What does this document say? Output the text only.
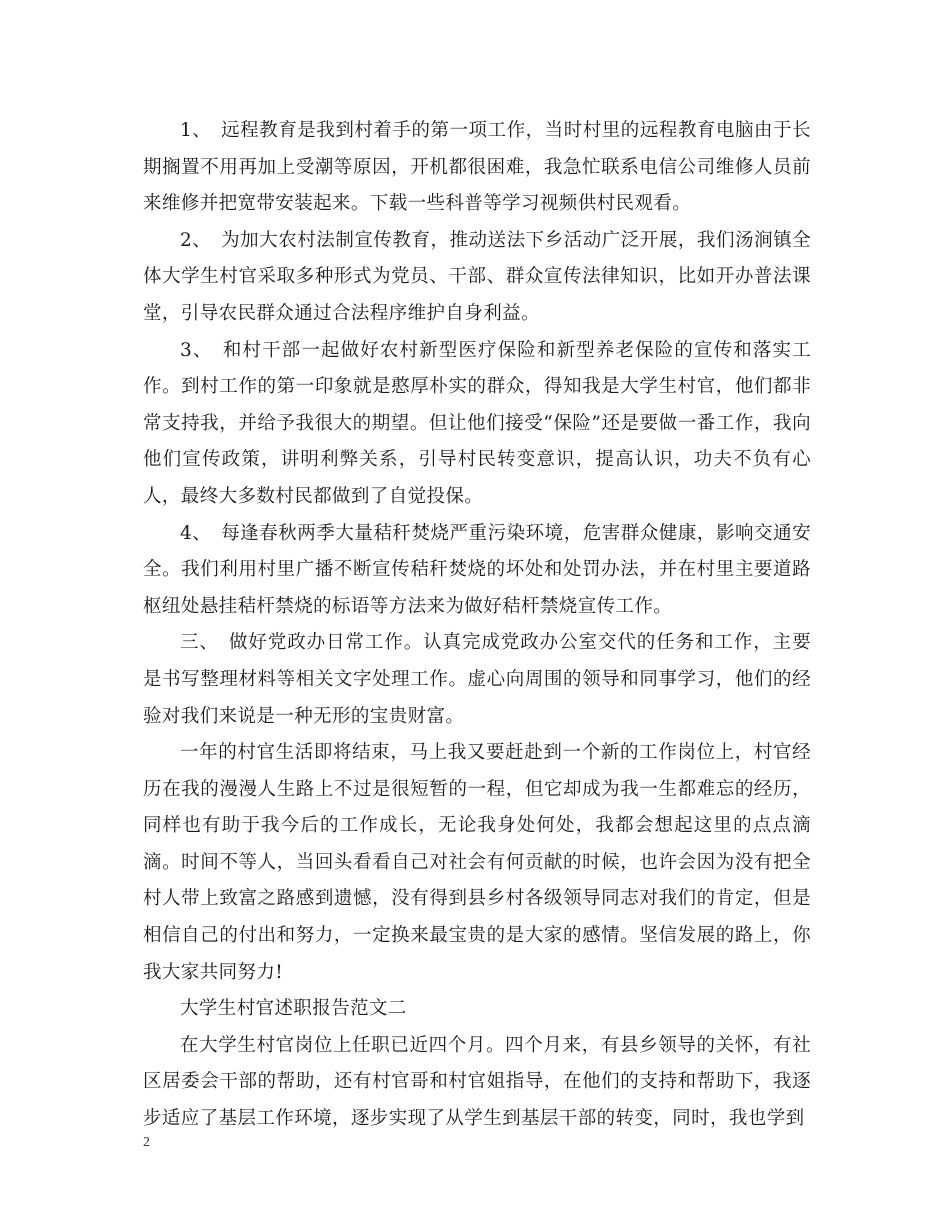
1、　远程教育是我到村着手的第一项工作，当时村里的远程教育电脑由于长期搁置不用再加上受潮等原因，开机都很困难，我急忙联系电信公司维修人员前来维修并把宽带安装起来。下载一些科普等学习视频供村民观看。

2、　为加大农村法制宣传教育，推动送法下乡活动广泛开展，我们汤涧镇全体大学生村官采取多种形式为党员、干部、群众宣传法律知识，比如开办普法课堂，引导农民群众通过合法程序维护自身利益。

3、　和村干部一起做好农村新型医疗保险和新型养老保险的宣传和落实工作。到村工作的第一印象就是憨厚朴实的群众，得知我是大学生村官，他们都非常支持我，并给予我很大的期望。但让他们接受“保险”还是要做一番工作，我向他们宣传政策，讲明利弊关系，引导村民转变意识，提高认识，功夫不负有心人，最终大多数村民都做到了自觉投保。

4、　每逢春秋两季大量秸秆焚烧严重污染环境，危害群众健康，影响交通安全。我们利用村里广播不断宣传秸秆焚烧的坏处和处罚办法，并在村里主要道路枢纽处悬挂秸杆禁烧的标语等方法来为做好秸杆禁烧宣传工作。

三、　做好党政办日常工作。认真完成党政办公室交代的任务和工作，主要是书写整理材料等相关文字处理工作。虚心向周围的领导和同事学习，他们的经验对我们来说是一种无形的宝贵财富。

一年的村官生活即将结束，马上我又要赶赴到一个新的工作岗位上，村官经历在我的漫漫人生路上不过是很短暂的一程，但它却成为我一生都难忘的经历，同样也有助于我今后的工作成长，无论我身处何处，我都会想起这里的点点滴滴。时间不等人，当回头看看自己对社会有何贡献的时候，也许会因为没有把全村人带上致富之路感到遗憾，没有得到县乡村各级领导同志对我们的肯定，但是相信自己的付出和努力，一定换来最宝贵的是大家的感情。坚信发展的路上，你我大家共同努力!

大学生村官述职报告范文二

在大学生村官岗位上任职已近四个月。四个月来，有县乡领导的关怀，有社区居委会干部的帮助，还有村官哥和村官姐指导，在他们的支持和帮助下，我逐步适应了基层工作环境，逐步实现了从学生到基层干部的转变，同时，我也学到

2
